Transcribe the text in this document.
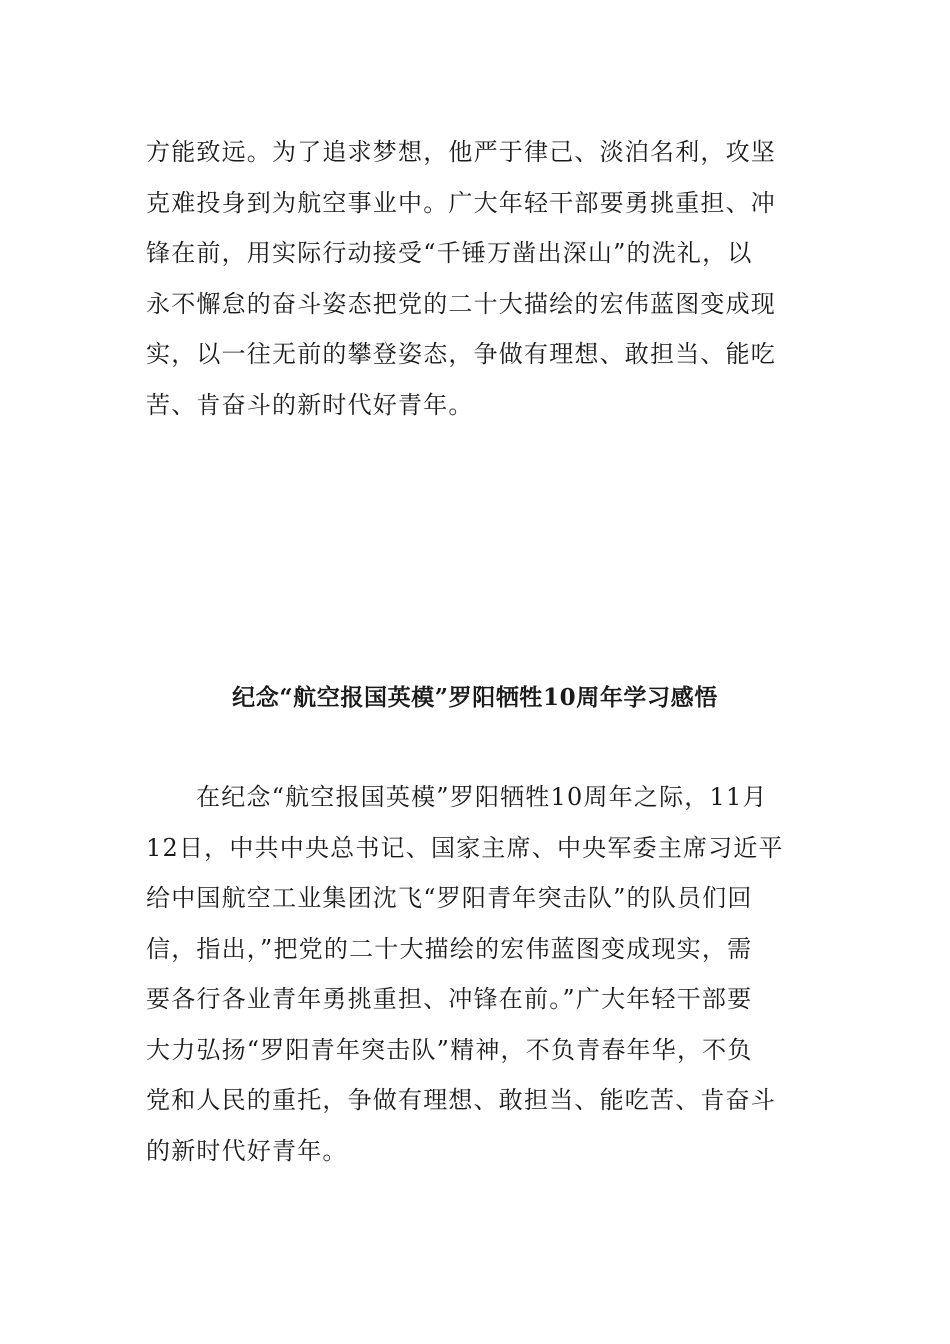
方能致远。为了追求梦想，他严于律己、淡泊名利，攻坚
克难投身到为航空事业中。广大年轻干部要勇挑重担、冲
锋在前，用实际行动接受“千锤万凿出深山”的洗礼，以
永不懈怠的奋斗姿态把党的二十大描绘的宏伟蓝图变成现
实，以一往无前的攀登姿态，争做有理想、敢担当、能吃
苦、肯奋斗的新时代好青年。
纪念“航空报国英模”罗阳牺牲10周年学习感悟
在纪念“航空报国英模”罗阳牺牲10周年之际，11月
12日，中共中央总书记、国家主席、中央军委主席习近平
给中国航空工业集团沈飞“罗阳青年突击队”的队员们回
信，指出，”把党的二十大描绘的宏伟蓝图变成现实，需
要各行各业青年勇挑重担、冲锋在前。”广大年轻干部要
大力弘扬“罗阳青年突击队”精神，不负青春年华，不负
党和人民的重托，争做有理想、敢担当、能吃苦、肯奋斗
的新时代好青年。
